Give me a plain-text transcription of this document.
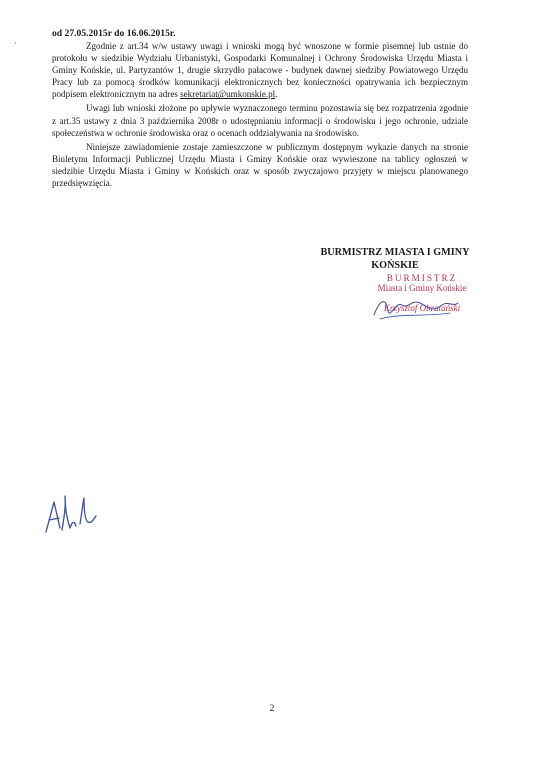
·
od 27.05.2015r do 16.06.2015r.

Zgodnie z art.34 w/w ustawy uwagi i wnioski mogą być wnoszone w formie pisemnej lub ustnie do protokołu w siedzibie Wydziału Urbanistyki, Gospodarki Komunalnej i Ochrony Środowiska Urzędu Miasta i Gminy Końskie, ul. Partyzantów 1, drugie skrzydło pałacowe - budynek dawnej siedziby Powiatowego Urzędu Pracy lub za pomocą środków komunikacji elektronicznych bez konieczności opatrywania ich bezpiecznym podpisem elektronicznym na adres sekretariat@umkonskie.pl.

Uwagi lub wnioski złożone po upływie wyznaczonego terminu pozostawia się bez rozpatrzenia zgodnie z art.35 ustawy z dnia 3 października 2008r o udostępnianiu informacji o środowisku i jego ochronie, udziale społeczeństwa w ochronie środowiska oraz o ocenach oddziaływania na środowisko.

Niniejsze zawiadomienie zostaje zamieszczone w publicznym dostępnym wykazie danych na stronie Biuletynu Informacji Publicznej Urzędu Miasta i Gminy Końskie oraz wywieszone na tablicy ogłoszeń w siedzibie Urzędu Miasta i Gminy w Końskich oraz w sposób zwyczajowo przyjęty w miejscu planowanego przedsięwzięcia.

BURMISTRZ MIASTA I GMINY
KOŃSKIE
BURMISTRZ
Miasta i Gminy Końskie
Krzysztof Obratański
2
